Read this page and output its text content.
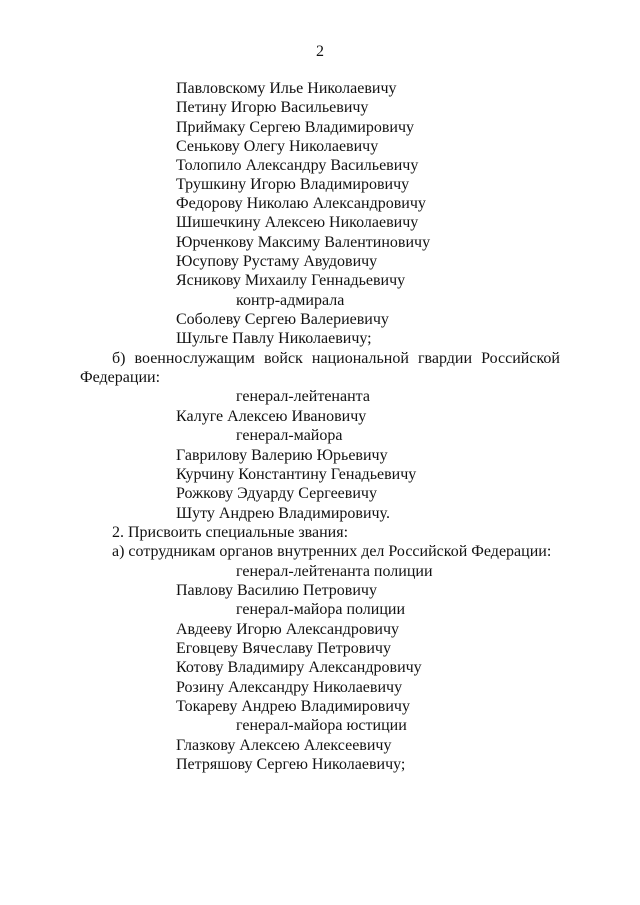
2
Павловскому Илье Николаевичу
Петину Игорю Васильевичу
Приймаку Сергею Владимировичу
Сенькову Олегу Николаевичу
Толопило Александру Васильевичу
Трушкину Игорю Владимировичу
Федорову Николаю Александровичу
Шишечкину Алексею Николаевичу
Юрченкову Максиму Валентиновичу
Юсупову Рустаму Авудовичу
Ясникову Михаилу Геннадьевичу
контр-адмирала
Соболеву Сергею Валериевичу
Шульге Павлу Николаевичу;
б) военнослужащим войск национальной гвардии Российской
Федерации:
генерал-лейтенанта
Калуге Алексею Ивановичу
генерал-майора
Гаврилову Валерию Юрьевичу
Курчину Константину Генадьевичу
Рожкову Эдуарду Сергеевичу
Шуту Андрею Владимировичу.
2. Присвоить специальные звания:
а) сотрудникам органов внутренних дел Российской Федерации:
генерал-лейтенанта полиции
Павлову Василию Петровичу
генерал-майора полиции
Авдееву Игорю Александровичу
Еговцеву Вячеславу Петровичу
Котову Владимиру Александровичу
Розину Александру Николаевичу
Токареву Андрею Владимировичу
генерал-майора юстиции
Глазкову Алексею Алексеевичу
Петряшову Сергею Николаевичу;
